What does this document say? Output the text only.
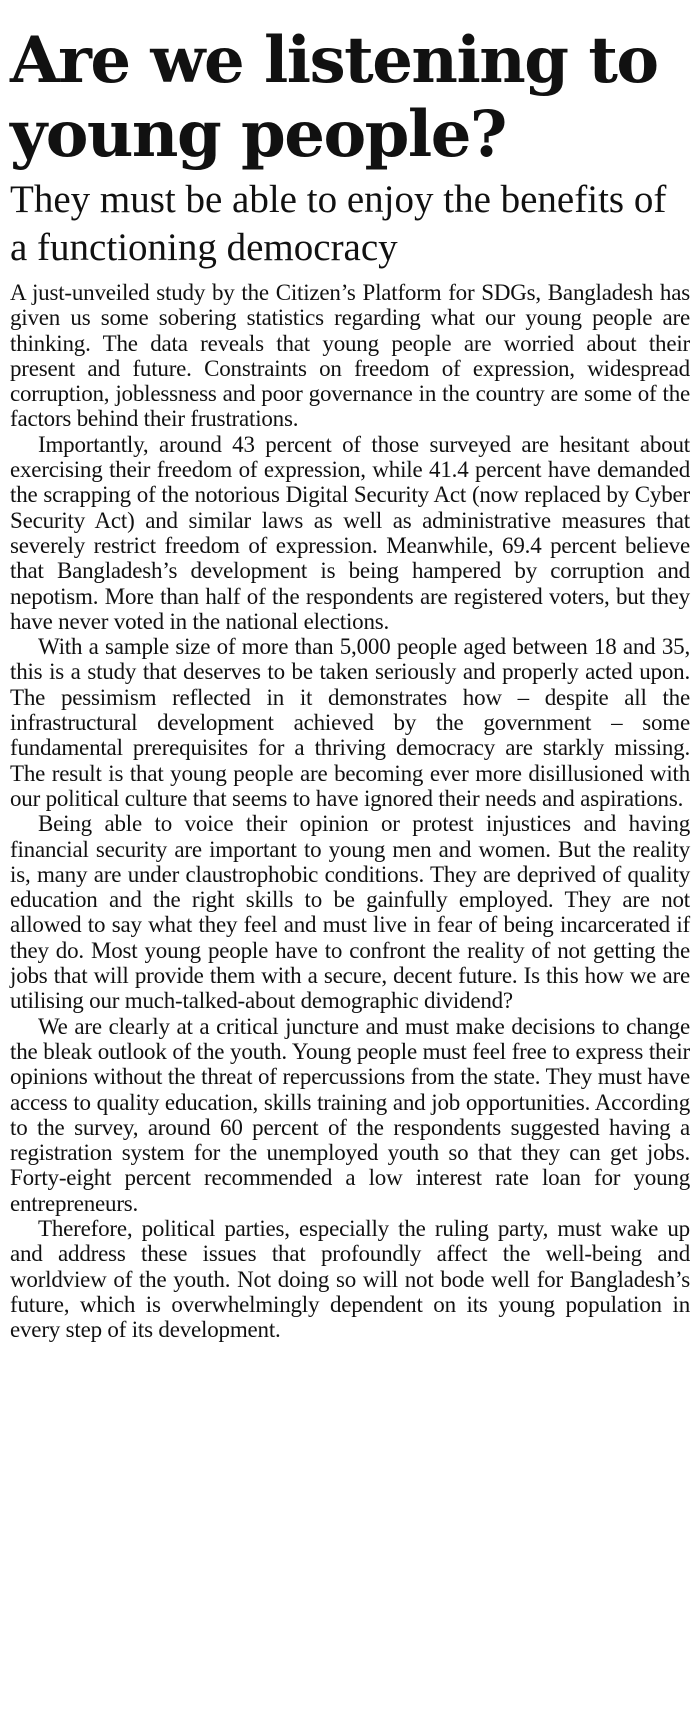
Are we listening to young people?
They must be able to enjoy the benefits of a functioning democracy

A just-unveiled study by the Citizen’s Platform for SDGs, Bangladesh has given us some sobering statistics regarding what our young people are thinking. The data reveals that young people are worried about their present and future. Constraints on freedom of expression, widespread corruption, joblessness and poor governance in the country are some of the factors behind their frustrations.

Importantly, around 43 percent of those surveyed are hesitant about exercising their freedom of expression, while 41.4 percent have demanded the scrapping of the notorious Digital Security Act (now replaced by Cyber Security Act) and similar laws as well as administrative measures that severely restrict freedom of expression. Meanwhile, 69.4 percent believe that Bangladesh’s development is being hampered by corruption and nepotism. More than half of the respondents are registered voters, but they have never voted in the national elections.

With a sample size of more than 5,000 people aged between 18 and 35, this is a study that deserves to be taken seriously and properly acted upon. The pessimism reflected in it demonstrates how – despite all the infrastructural development achieved by the government – some fundamental prerequisites for a thriving democracy are starkly missing. The result is that young people are becoming ever more disillusioned with our political culture that seems to have ignored their needs and aspirations.

Being able to voice their opinion or protest injustices and having financial security are important to young men and women. But the reality is, many are under claustrophobic conditions. They are deprived of quality education and the right skills to be gainfully employed. They are not allowed to say what they feel and must live in fear of being incarcerated if they do. Most young people have to confront the reality of not getting the jobs that will provide them with a secure, decent future. Is this how we are utilising our much-talked-about demographic dividend?

We are clearly at a critical juncture and must make decisions to change the bleak outlook of the youth. Young people must feel free to express their opinions without the threat of repercussions from the state. They must have access to quality education, skills training and job opportunities. According to the survey, around 60 percent of the respondents suggested having a registration system for the unemployed youth so that they can get jobs. Forty-eight percent recommended a low interest rate loan for young entrepreneurs.

Therefore, political parties, especially the ruling party, must wake up and address these issues that profoundly affect the well-being and worldview of the youth. Not doing so will not bode well for Bangladesh’s future, which is overwhelmingly dependent on its young population in every step of its development.
